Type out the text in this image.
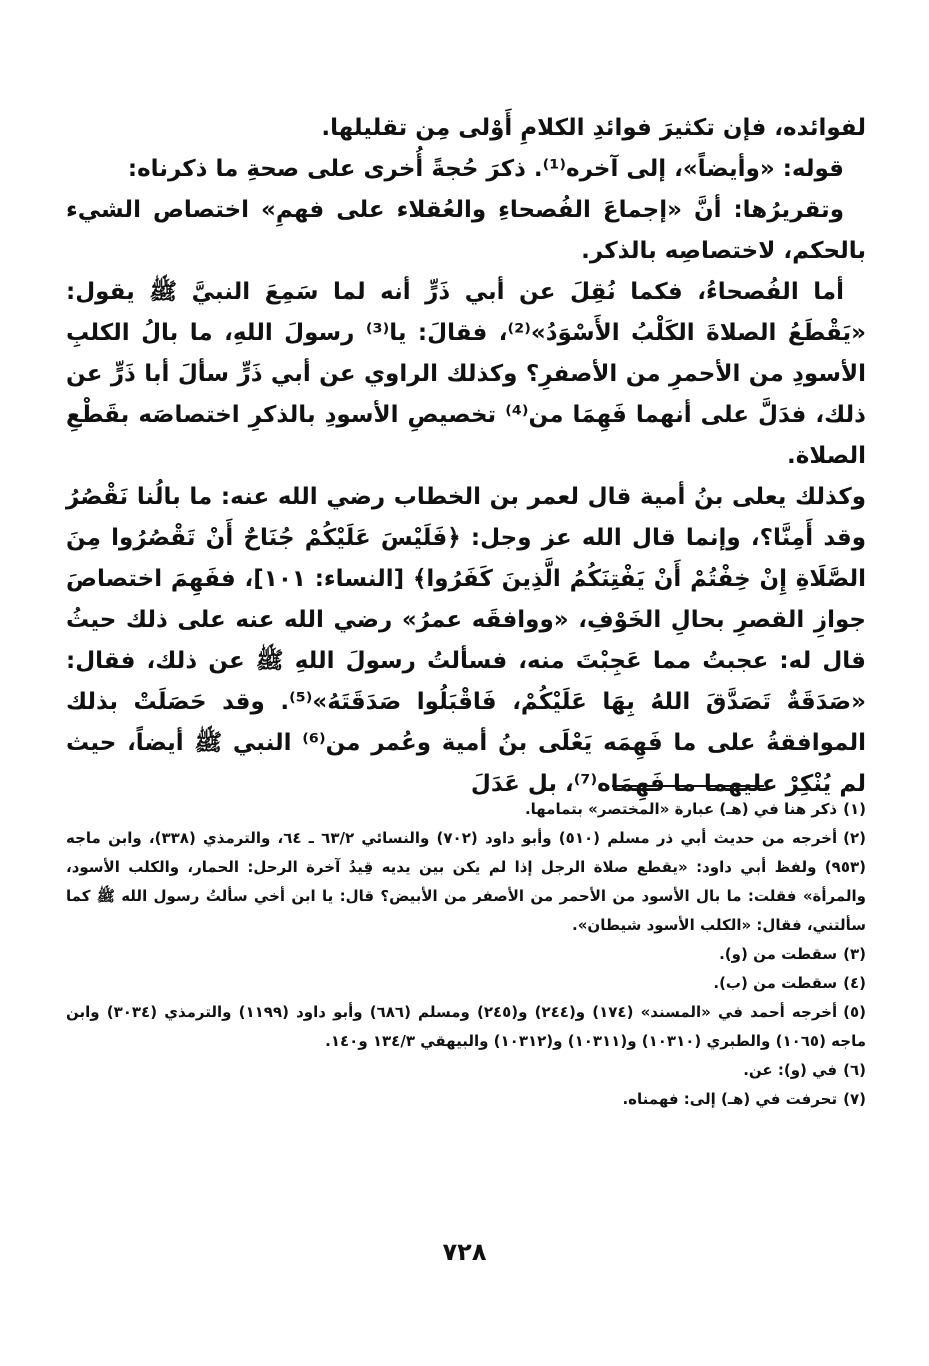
لفوائده، فإن تكثيرَ فوائدِ الكلامِ أَوْلى مِن تقليلها.

قوله: «وأيضاً»، إلى آخره⁽¹⁾. ذكرَ حُجةً أُخرى على صحةِ ما ذكرناه:

وتقريرُها: أنَّ «إجماعَ الفُصحاءِ والعُقلاء على فهمِ» اختصاص الشيء بالحكم، لاختصاصِه بالذكر.

أما الفُصحاءُ، فكما نُقِلَ عن أبي ذَرٍّ أنه لما سَمِعَ النبيَّ ﷺ يقول: «يَقْطَعُ الصلاةَ الكَلْبُ الأَسْوَدُ»⁽²⁾، فقالَ: يا⁽³⁾ رسولَ اللهِ، ما بالُ الكلبِ الأسودِ من الأحمرِ من الأصفرِ؟ وكذلك الراوي عن أبي ذَرٍّ سألَ أبا ذَرٍّ عن ذلك، فدَلَّ على أنهما فَهِمَا من⁽⁴⁾ تخصيصِ الأسودِ بالذكرِ اختصاصَه بقَطْعِ الصلاة.

وكذلك يعلى بنُ أمية قال لعمر بن الخطاب رضي الله عنه: ما بالُنا نَقْصُرُ وقد أَمِنَّا؟، وإنما قال الله عز وجل: ﴿فَلَيْسَ عَلَيْكُمْ جُنَاحٌ أَنْ تَقْصُرُوا مِنَ الصَّلَاةِ إِنْ خِفْتُمْ أَنْ يَفْتِنَكُمُ الَّذِينَ كَفَرُوا﴾ [النساء: ١٠١]، ففَهِمَ اختصاصَ جوازِ القصرِ بحالِ الخَوْفِ، «ووافقَه عمرُ» رضي الله عنه على ذلك حيثُ قال له: عجبتُ مما عَجِبْتَ منه، فسألتُ رسولَ اللهِ ﷺ عن ذلك، فقال: «صَدَقَةٌ تَصَدَّقَ اللهُ بِهَا عَلَيْكُمْ، فَاقْبَلُوا صَدَقَتَهُ»⁽⁵⁾. وقد حَصَلَتْ بذلك الموافقةُ على ما فَهِمَه يَعْلَى بنُ أمية وعُمر من⁽⁶⁾ النبي ﷺ أيضاً، حيث لم يُنْكِرْ عليهما ما فَهِمَاه⁽⁷⁾، بل عَدَلَ

(١)ذكر هنا في (هـ) عبارة «المختصر» بتمامها.

(٢)أخرجه من حديث أبي ذر مسلم (٥١٠) وأبو داود (٧٠٢) والنسائي ٦٣/٢ ـ ٦٤، والترمذي (٣٣٨)، وابن ماجه (٩٥٣) ولفظ أبي داود: «يقطع صلاة الرجل إذا لم يكن بين يديه قِيدُ آخرة الرحل: الحمار، والكلب الأسود، والمرأة» فقلت: ما بال الأسود من الأحمر من الأصفر من الأبيض؟ قال: يا ابن أخي سألتُ رسول الله ﷺ كما سألتني، فقال: «الكلب الأسود شيطان».

(٣)سقطت من (و).

(٤)سقطت من (ب).

(٥)أخرجه أحمد في «المسند» (١٧٤) و(٢٤٤) و(٢٤٥) ومسلم (٦٨٦) وأبو داود (١١٩٩) والترمذي (٣٠٣٤) وابن ماجه (١٠٦٥) والطبري (١٠٣١٠) و(١٠٣١١) و(١٠٣١٢) والبيهقي ١٣٤/٣ و١٤٠.

(٦)في (و): عن.

(٧)تحرفت في (هـ) إلى: فهمناه.

٧٢٨
